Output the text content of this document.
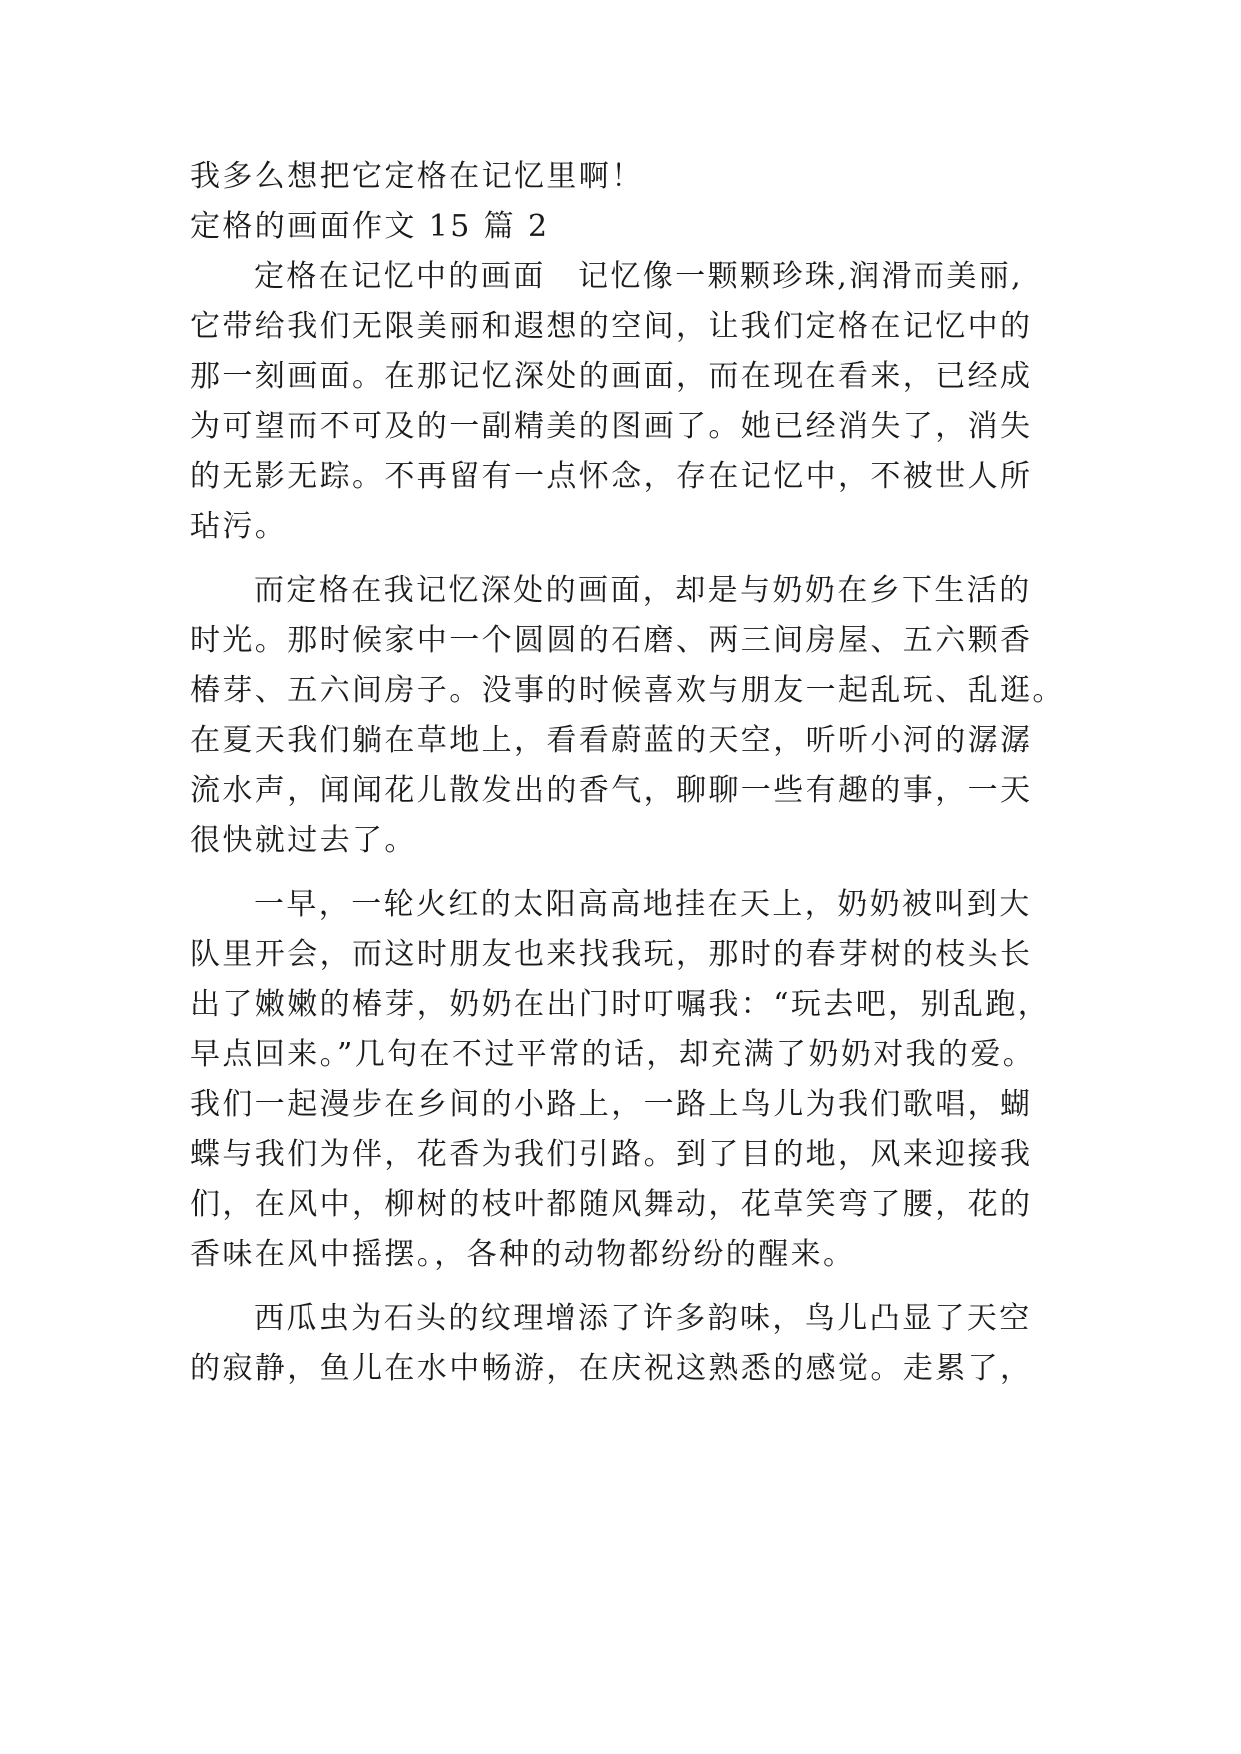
我多么想把它定格在记忆里啊！
定格的画面作文 15 篇 2
定格在记忆中的画面　记忆像一颗颗珍珠,润滑而美丽,
它带给我们无限美丽和遐想的空间，让我们定格在记忆中的
那一刻画面。在那记忆深处的画面，而在现在看来，已经成
为可望而不可及的一副精美的图画了。她已经消失了，消失
的无影无踪。不再留有一点怀念，存在记忆中，不被世人所
玷污。
而定格在我记忆深处的画面，却是与奶奶在乡下生活的
时光。那时候家中一个圆圆的石磨、两三间房屋、五六颗香
椿芽、五六间房子。没事的时候喜欢与朋友一起乱玩、乱逛。
在夏天我们躺在草地上，看看蔚蓝的天空，听听小河的潺潺
流水声，闻闻花儿散发出的香气，聊聊一些有趣的事，一天
很快就过去了。
一早，一轮火红的太阳高高地挂在天上，奶奶被叫到大
队里开会，而这时朋友也来找我玩，那时的春芽树的枝头长
出了嫩嫩的椿芽，奶奶在出门时叮嘱我：“玩去吧，别乱跑，
早点回来。”几句在不过平常的话，却充满了奶奶对我的爱。
我们一起漫步在乡间的小路上，一路上鸟儿为我们歌唱，蝴
蝶与我们为伴，花香为我们引路。到了目的地，风来迎接我
们，在风中，柳树的枝叶都随风舞动，花草笑弯了腰，花的
香味在风中摇摆。，各种的动物都纷纷的醒来。
西瓜虫为石头的纹理增添了许多韵味，鸟儿凸显了天空
的寂静，鱼儿在水中畅游，在庆祝这熟悉的感觉。走累了，
